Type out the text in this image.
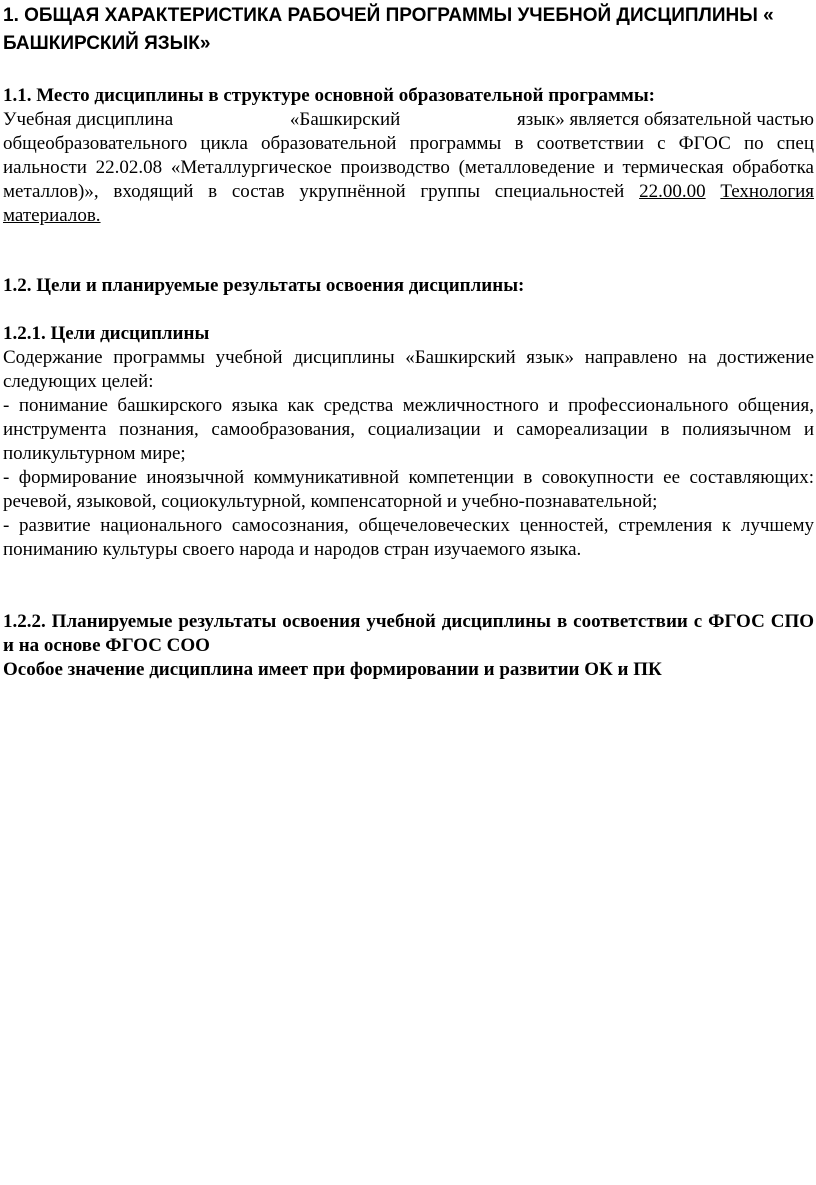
1. ОБЩАЯ ХАРАКТЕРИСТИКА РАБОЧЕЙ ПРОГРАММЫ УЧЕБНОЙ ДИСЦИПЛИНЫ « БАШКИРСКИЙ ЯЗЫК»

1.1. Место дисциплины в структуре основной образовательной программы:

Учебная дисциплина	«Башкирский	язык» является обязательной частью

общеобразовательного цикла образовательной программы в соответствии с ФГОС по спец иальности 22.02.08 «Металлургическое производство (металловедение и термическая обработка металлов)», входящий в состав укрупнённой группы специальностей 22.00.00 Технология материалов.

1.2. Цели и планируемые результаты освоения дисциплины:

1.2.1. Цели дисциплины

Содержание программы учебной дисциплины «Башкирский язык» направлено на достижение следующих целей:

- понимание башкирского языка как средства межличностного и профессионального общения, инструмента познания, самообразования, социализации и самореализации в полиязычном и поликультурном мире;

- формирование иноязычной коммуникативной компетенции в совокупности ее составляющих: речевой, языковой, социокультурной, компенсаторной и учебно-познавательной;

- развитие национального самосознания, общечеловеческих ценностей, стремления к лучшему пониманию культуры своего народа и народов стран изучаемого языка.

1.2.2. Планируемые результаты освоения учебной дисциплины в соответствии с ФГОС СПО и на основе ФГОС СОО

Особое значение дисциплина имеет при формировании и развитии ОК и ПК
